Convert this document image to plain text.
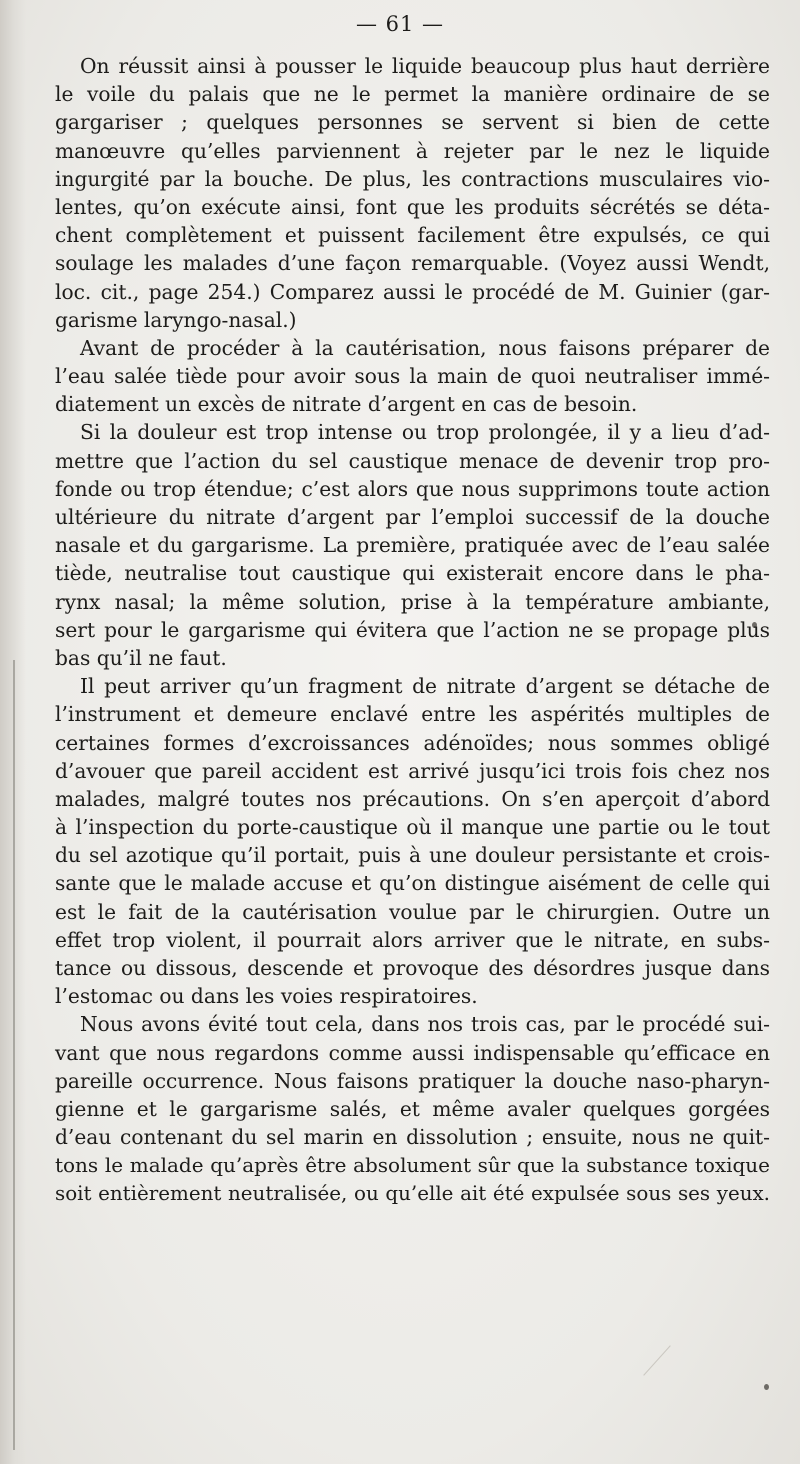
— 61 —
On réussit ainsi à pousser le liquide beaucoup plus haut derrière
le voile du palais que ne le permet la manière ordinaire de se
gargariser ; quelques personnes se servent si bien de cette
manœuvre qu’elles parviennent à rejeter par le nez le liquide
ingurgité par la bouche. De plus, les contractions musculaires vio-
lentes, qu’on exécute ainsi, font que les produits sécrétés se déta-
chent complètement et puissent facilement être expulsés, ce qui
soulage les malades d’une façon remarquable. (Voyez aussi Wendt,
loc. cit., page 254.) Comparez aussi le procédé de M. Guinier (gar-
garisme laryngo-nasal.)
Avant de procéder à la cautérisation, nous faisons préparer de
l’eau salée tiède pour avoir sous la main de quoi neutraliser immé-
diatement un excès de nitrate d’argent en cas de besoin.
Si la douleur est trop intense ou trop prolongée, il y a lieu d’ad-
mettre que l’action du sel caustique menace de devenir trop pro-
fonde ou trop étendue; c’est alors que nous supprimons toute action
ultérieure du nitrate d’argent par l’emploi successif de la douche
nasale et du gargarisme. La première, pratiquée avec de l’eau salée
tiède, neutralise tout caustique qui existerait encore dans le pha-
rynx nasal; la même solution, prise à la température ambiante,
sert pour le gargarisme qui évitera que l’action ne se propage plus
bas qu’il ne faut.
Il peut arriver qu’un fragment de nitrate d’argent se détache de
l’instrument et demeure enclavé entre les aspérités multiples de
certaines formes d’excroissances adénoïdes; nous sommes obligé
d’avouer que pareil accident est arrivé jusqu’ici trois fois chez nos
malades, malgré toutes nos précautions. On s’en aperçoit d’abord
à l’inspection du porte-caustique où il manque une partie ou le tout
du sel azotique qu’il portait, puis à une douleur persistante et crois-
sante que le malade accuse et qu’on distingue aisément de celle qui
est le fait de la cautérisation voulue par le chirurgien. Outre un
effet trop violent, il pourrait alors arriver que le nitrate, en subs-
tance ou dissous, descende et provoque des désordres jusque dans
l’estomac ou dans les voies respiratoires.
Nous avons évité tout cela, dans nos trois cas, par le procédé sui-
vant que nous regardons comme aussi indispensable qu’efficace en
pareille occurrence. Nous faisons pratiquer la douche naso-pharyn-
gienne et le gargarisme salés, et même avaler quelques gorgées
d’eau contenant du sel marin en dissolution ; ensuite, nous ne quit-
tons le malade qu’après être absolument sûr que la substance toxique
soit entièrement neutralisée, ou qu’elle ait été expulsée sous ses yeux.
